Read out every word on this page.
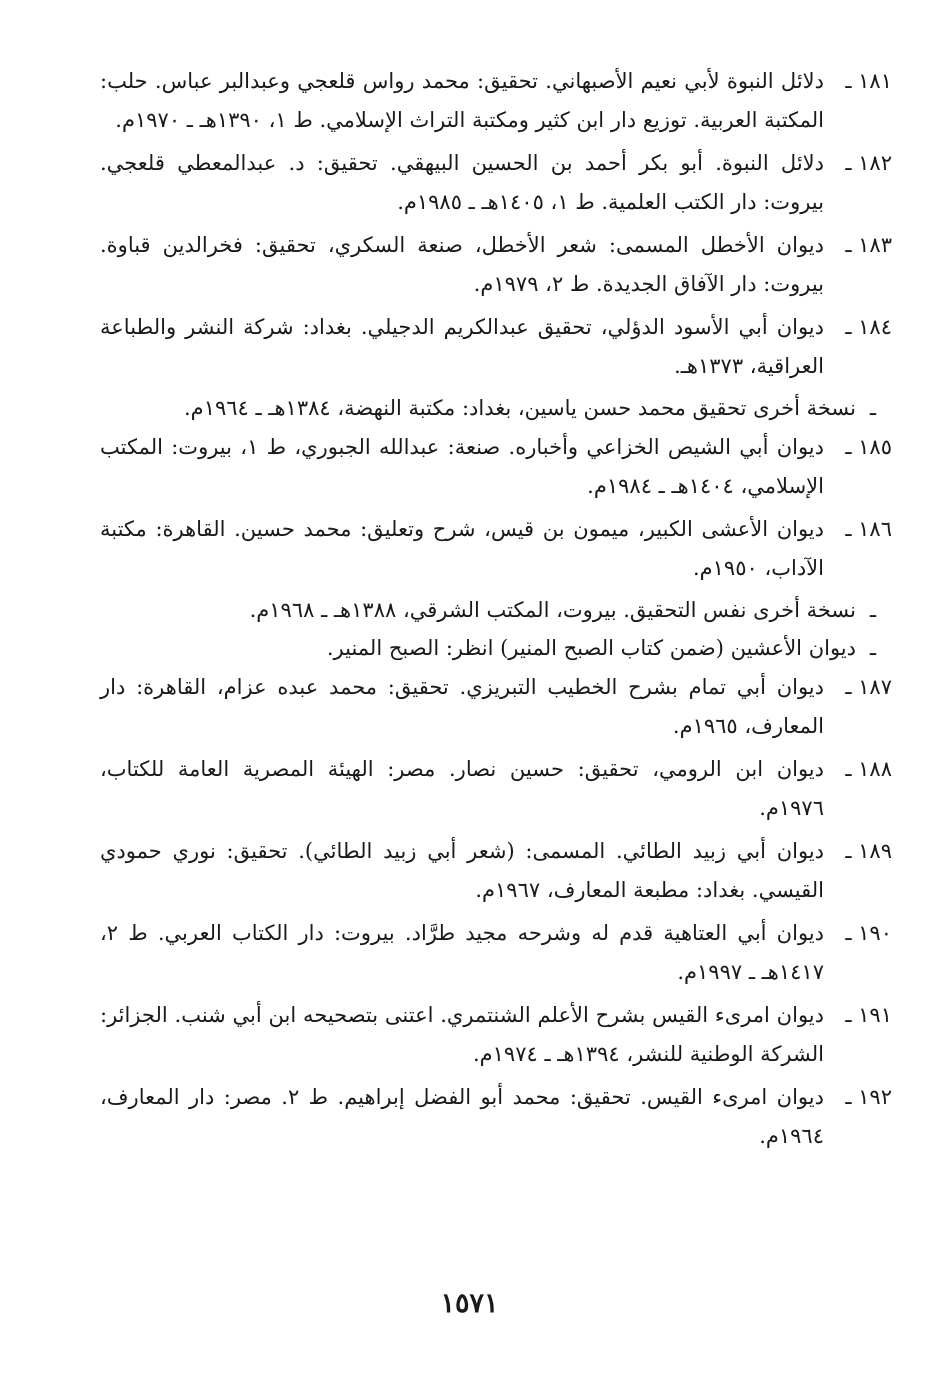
١٨١ ـ
دلائل النبوة لأبي نعيم الأصبهاني. تحقيق: محمد رواس قلعجي وعبدالبر عباس. حلب: المكتبة العربية. توزيع دار ابن كثير ومكتبة التراث الإسلامي. ط ١، ١٣٩٠هـ ـ ١٩٧٠م.
١٨٢ ـ
دلائل النبوة. أبو بكر أحمد بن الحسين البيهقي. تحقيق: د. عبدالمعطي قلعجي. بيروت: دار الكتب العلمية. ط ١، ١٤٠٥هـ ـ ١٩٨٥م.
١٨٣ ـ
ديوان الأخطل المسمى: شعر الأخطل، صنعة السكري، تحقيق: فخرالدين قباوة. بيروت: دار الآفاق الجديدة. ط ٢، ١٩٧٩م.
١٨٤ ـ
ديوان أبي الأسود الدؤلي، تحقيق عبدالكريم الدجيلي. بغداد: شركة النشر والطباعة العراقية، ١٣٧٣هـ.
ـ
نسخة أخرى تحقيق محمد حسن ياسين، بغداد: مكتبة النهضة، ١٣٨٤هـ ـ ١٩٦٤م.
١٨٥ ـ
ديوان أبي الشيص الخزاعي وأخباره. صنعة: عبدالله الجبوري، ط ١، بيروت: المكتب الإسلامي، ١٤٠٤هـ ـ ١٩٨٤م.
١٨٦ ـ
ديوان الأعشى الكبير، ميمون بن قيس، شرح وتعليق: محمد حسين. القاهرة: مكتبة الآداب، ١٩٥٠م.
ـ
نسخة أخرى نفس التحقيق. بيروت، المكتب الشرقي، ١٣٨٨هـ ـ ١٩٦٨م.
ـ
ديوان الأعشين (ضمن كتاب الصبح المنير) انظر: الصبح المنير.
١٨٧ ـ
ديوان أبي تمام بشرح الخطيب التبريزي. تحقيق: محمد عبده عزام، القاهرة: دار المعارف، ١٩٦٥م.
١٨٨ ـ
ديوان ابن الرومي، تحقيق: حسين نصار. مصر: الهيئة المصرية العامة للكتاب، ١٩٧٦م.
١٨٩ ـ
ديوان أبي زبيد الطائي. المسمى: (شعر أبي زبيد الطائي). تحقيق: نوري حمودي القيسي. بغداد: مطبعة المعارف، ١٩٦٧م.
١٩٠ ـ
ديوان أبي العتاهية قدم له وشرحه مجيد طرَّاد. بيروت: دار الكتاب العربي. ط ٢، ١٤١٧هـ ـ ١٩٩٧م.
١٩١ ـ
ديوان امرىء القيس بشرح الأعلم الشنتمري. اعتنى بتصحيحه ابن أبي شنب. الجزائر: الشركة الوطنية للنشر، ١٣٩٤هـ ـ ١٩٧٤م.
١٩٢ ـ
ديوان امرىء القيس. تحقيق: محمد أبو الفضل إبراهيم. ط ٢. مصر: دار المعارف، ١٩٦٤م.
١٥٧١
